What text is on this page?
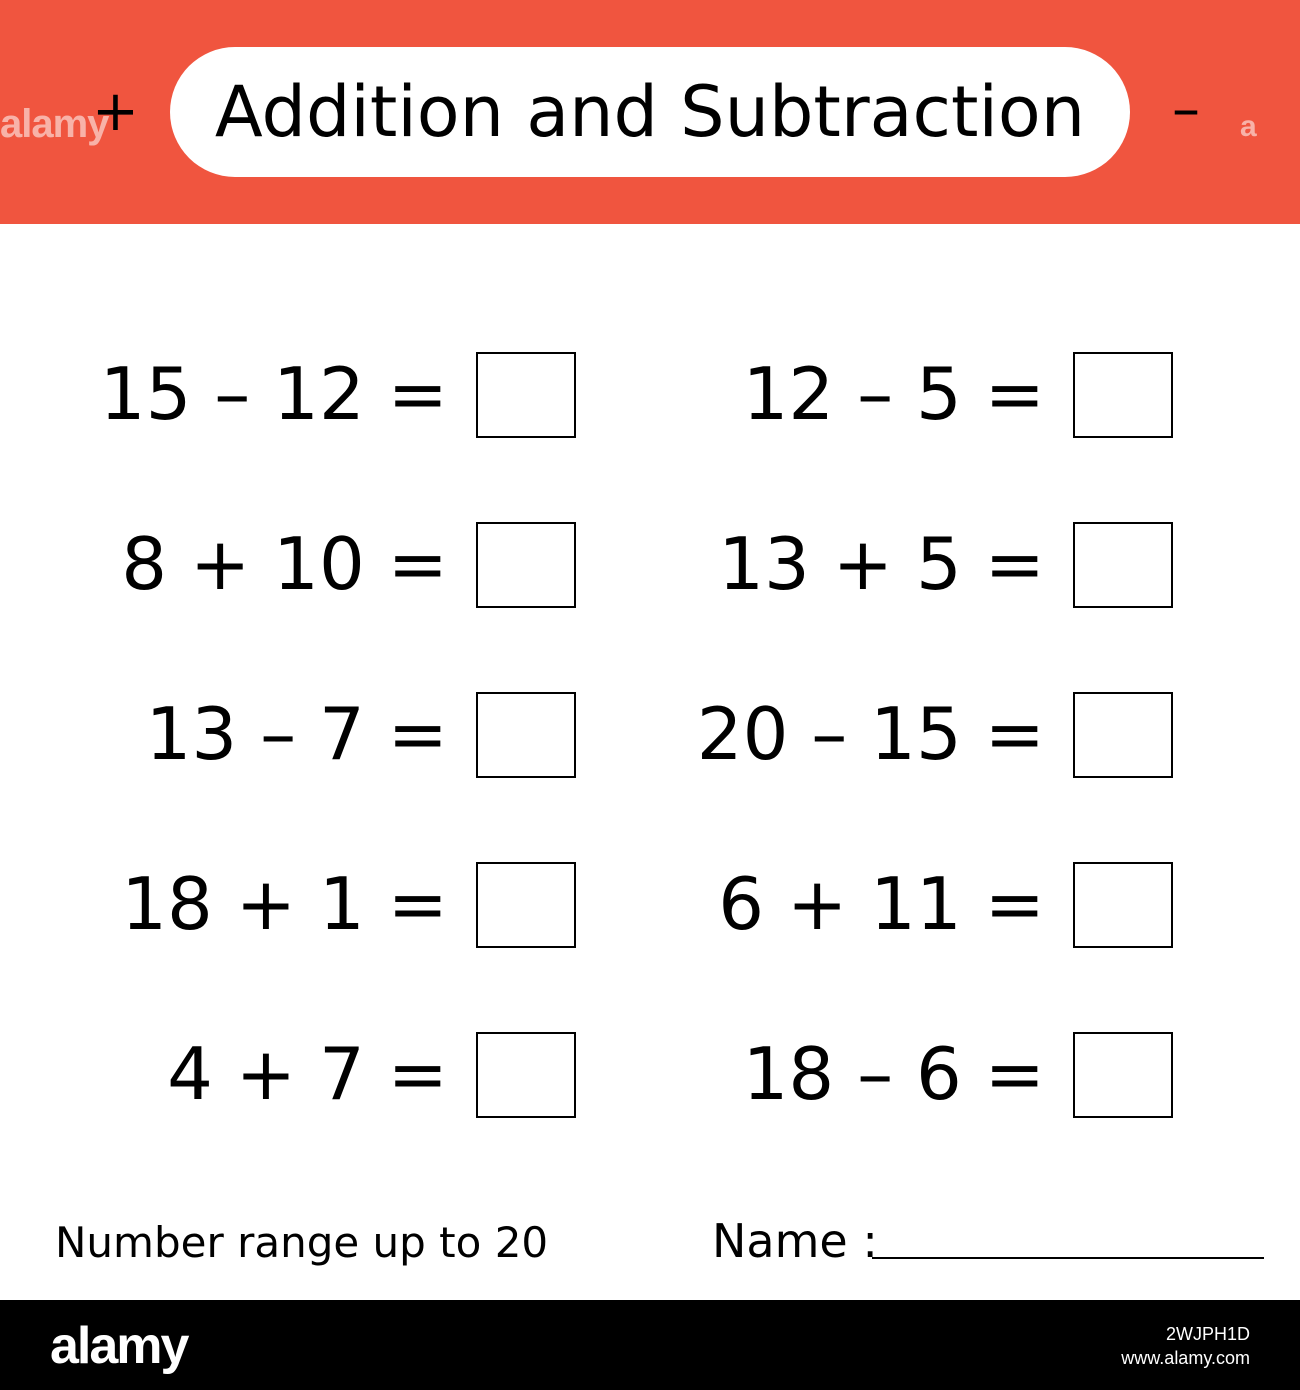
alamy
+ Addition and Subtraction – a
15 – 12 =
8 + 10 =
13 – 7 =
18 + 1 =
4 + 7 =
12 – 5 =
13 + 5 =
20 – 15 =
6 + 11 =
18 – 6 =
Number range up to 20	Name :
alamy	2WJPH1D
www.alamy.com
